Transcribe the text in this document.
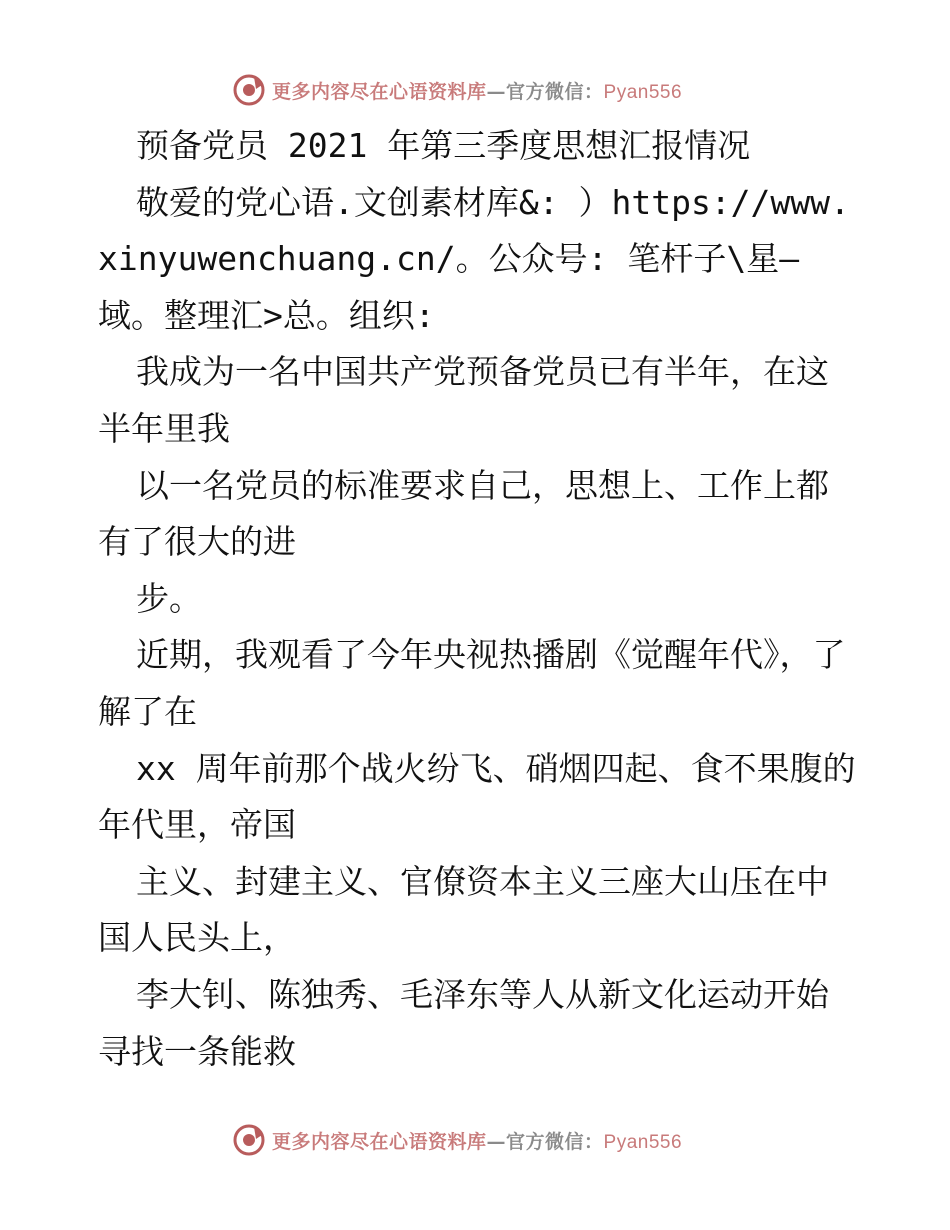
更多内容尽在心语资料库—官方微信：Pyan556

预备党员 2021 年第三季度思想汇报情况

敬爱的党心语.文创素材库&: ）https://www.xinyuwenchuang.cn/。公众号: 笔杆子\星—域。整理汇>总。组织:

我成为一名中国共产党预备党员已有半年，在这半年里我

以一名党员的标准要求自己，思想上、工作上都有了很大的进

步。

近期，我观看了今年央视热播剧《觉醒年代》，了解了在

xx 周年前那个战火纷飞、硝烟四起、食不果腹的年代里，帝国

主义、封建主义、官僚资本主义三座大山压在中国人民头上，

李大钊、陈独秀、毛泽东等人从新文化运动开始寻找一条能救

更多内容尽在心语资料库—官方微信：Pyan556
